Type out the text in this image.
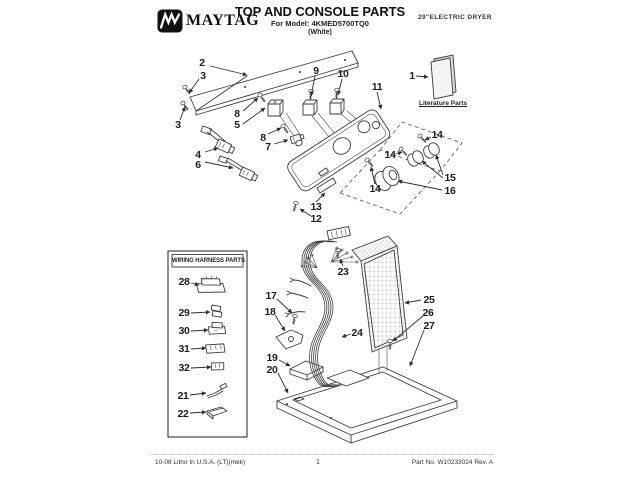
MAYTAG
TOP AND CONSOLE PARTS
For Model: 4KMED5700TQ0
(White)
29"ELECTRIC DRYER
Literature Parts
WIRING HARNESS PARTS
2
3
3
8
5
4
6
8
7
9 10
11
1
14
14
14
15
16
13
12
23
17
18
24
25
26
27
19
20
28
29
30
31
32
21
22
10-08 Litho In U.S.A. (LT)(mek)	1	Part No. W10233024 Rev. A
